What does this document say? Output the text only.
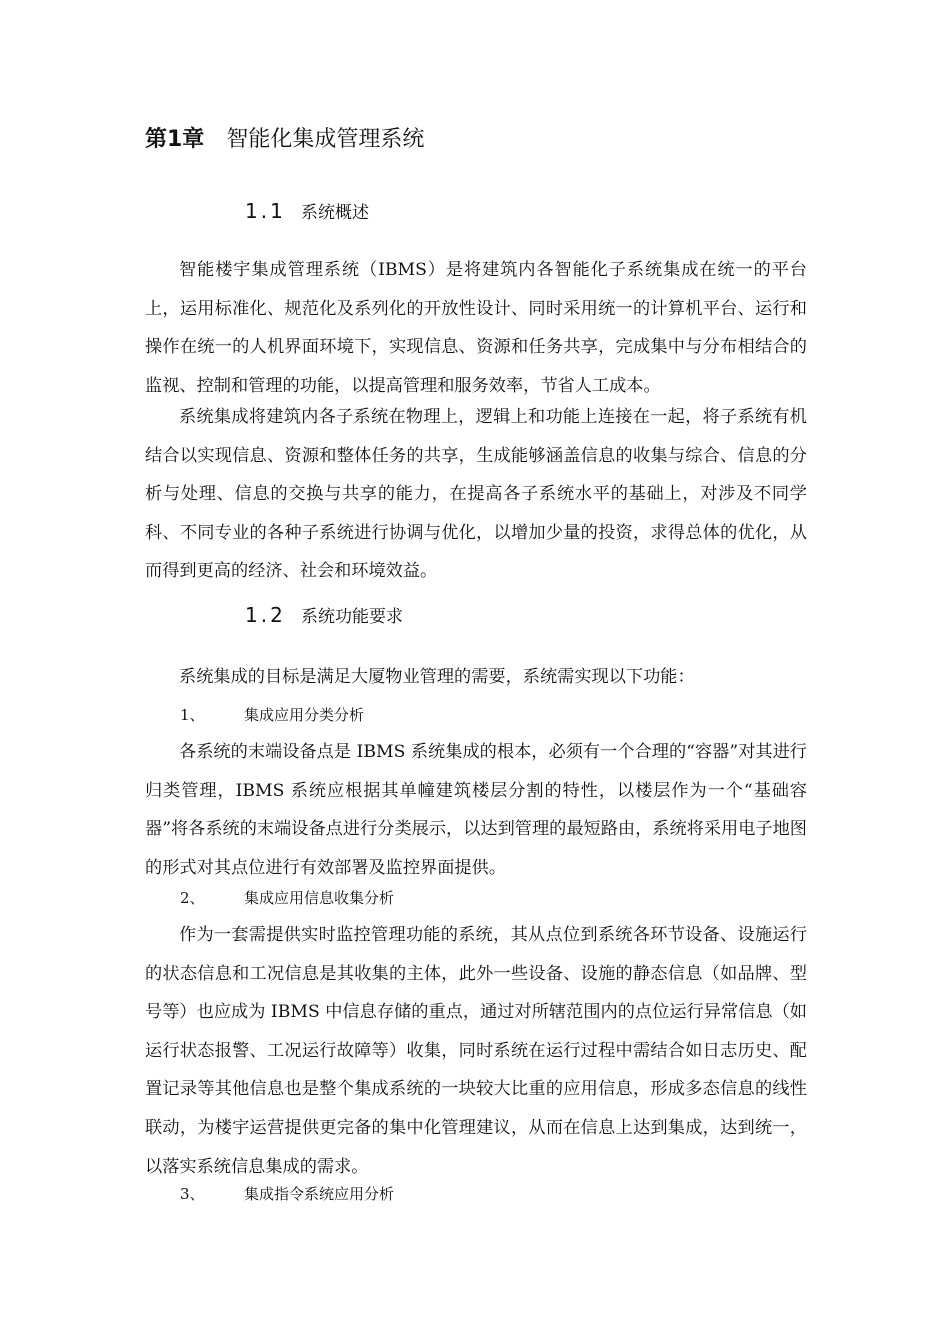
第1章 智能化集成管理系统
1.1 系统概述

智能楼宇集成管理系统（IBMS）是将建筑内各智能化子系统集成在统一的平台上，运用标准化、规范化及系列化的开放性设计、同时采用统一的计算机平台、运行和操作在统一的人机界面环境下，实现信息、资源和任务共享，完成集中与分布相结合的监视、控制和管理的功能，以提高管理和服务效率，节省人工成本。

系统集成将建筑内各子系统在物理上，逻辑上和功能上连接在一起，将子系统有机结合以实现信息、资源和整体任务的共享，生成能够涵盖信息的收集与综合、信息的分析与处理、信息的交换与共享的能力，在提高各子系统水平的基础上，对涉及不同学科、不同专业的各种子系统进行协调与优化，以增加少量的投资，求得总体的优化，从而得到更高的经济、社会和环境效益。

1.2 系统功能要求

系统集成的目标是满足大厦物业管理的需要，系统需实现以下功能：

1、	集成应用分类分析

各系统的末端设备点是 IBMS 系统集成的根本，必须有一个合理的“容器”对其进行归类管理，IBMS 系统应根据其单幢建筑楼层分割的特性，以楼层作为一个“基础容器”将各系统的末端设备点进行分类展示，以达到管理的最短路由，系统将采用电子地图的形式对其点位进行有效部署及监控界面提供。

2、	集成应用信息收集分析

作为一套需提供实时监控管理功能的系统，其从点位到系统各环节设备、设施运行的状态信息和工况信息是其收集的主体，此外一些设备、设施的静态信息（如品牌、型号等）也应成为 IBMS 中信息存储的重点，通过对所辖范围内的点位运行异常信息（如运行状态报警、工况运行故障等）收集，同时系统在运行过程中需结合如日志历史、配置记录等其他信息也是整个集成系统的一块较大比重的应用信息，形成多态信息的线性联动，为楼宇运营提供更完备的集中化管理建议，从而在信息上达到集成，达到统一，以落实系统信息集成的需求。

3、	集成指令系统应用分析
